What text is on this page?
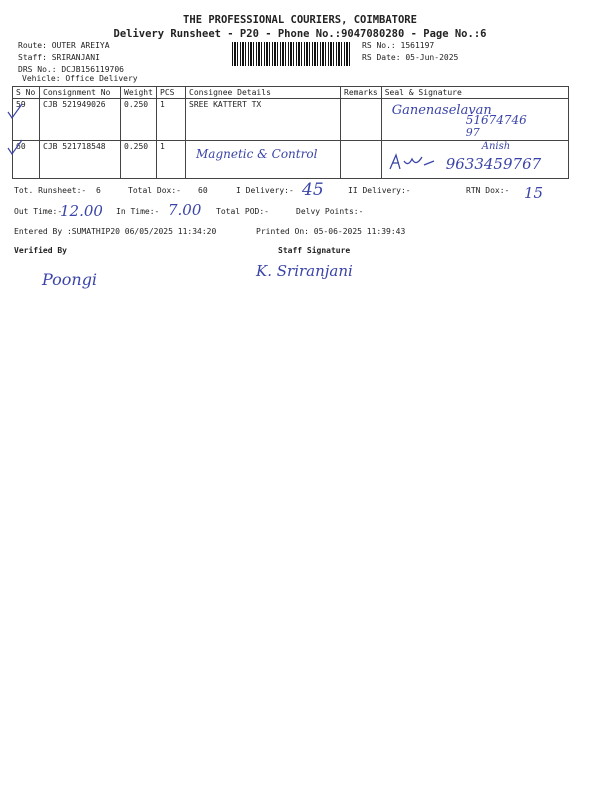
THE PROFESSIONAL COURIERS, COIMBATORE
Delivery Runsheet - P20 - Phone No.:9047080280 - Page No.:6
Route: OUTER AREIYA
Staff: SRIRANJANI
DRS No.: DCJB156119706
Vehicle: Office Delivery
RS No.: 1561197
RS Date: 05-Jun-2025
S No	Consignment No	Weight	PCS	Consignee Details	Remarks	Seal & Signature
59	CJB 521949026	0.250	1	SREE KATTERT TX		Ganenaselavan
51674746
97

60	CJB 521718548	0.250	1	Magnetic & Control		Anish
9633459767
Tot. Runsheet:- 6	Total Dox:- 60	I Delivery:- 45	II Delivery:-	RTN Dox:- 15
Out Time:-
12.00 In Time:- 7.00 Total POD:-	Delvy Points:-
Entered By :SUMATHIP20 06/05/2025 11:34:20	Printed On: 05-06-2025 11:39:43
Verified By	Staff Signature
Poongi	K. Sriranjani
